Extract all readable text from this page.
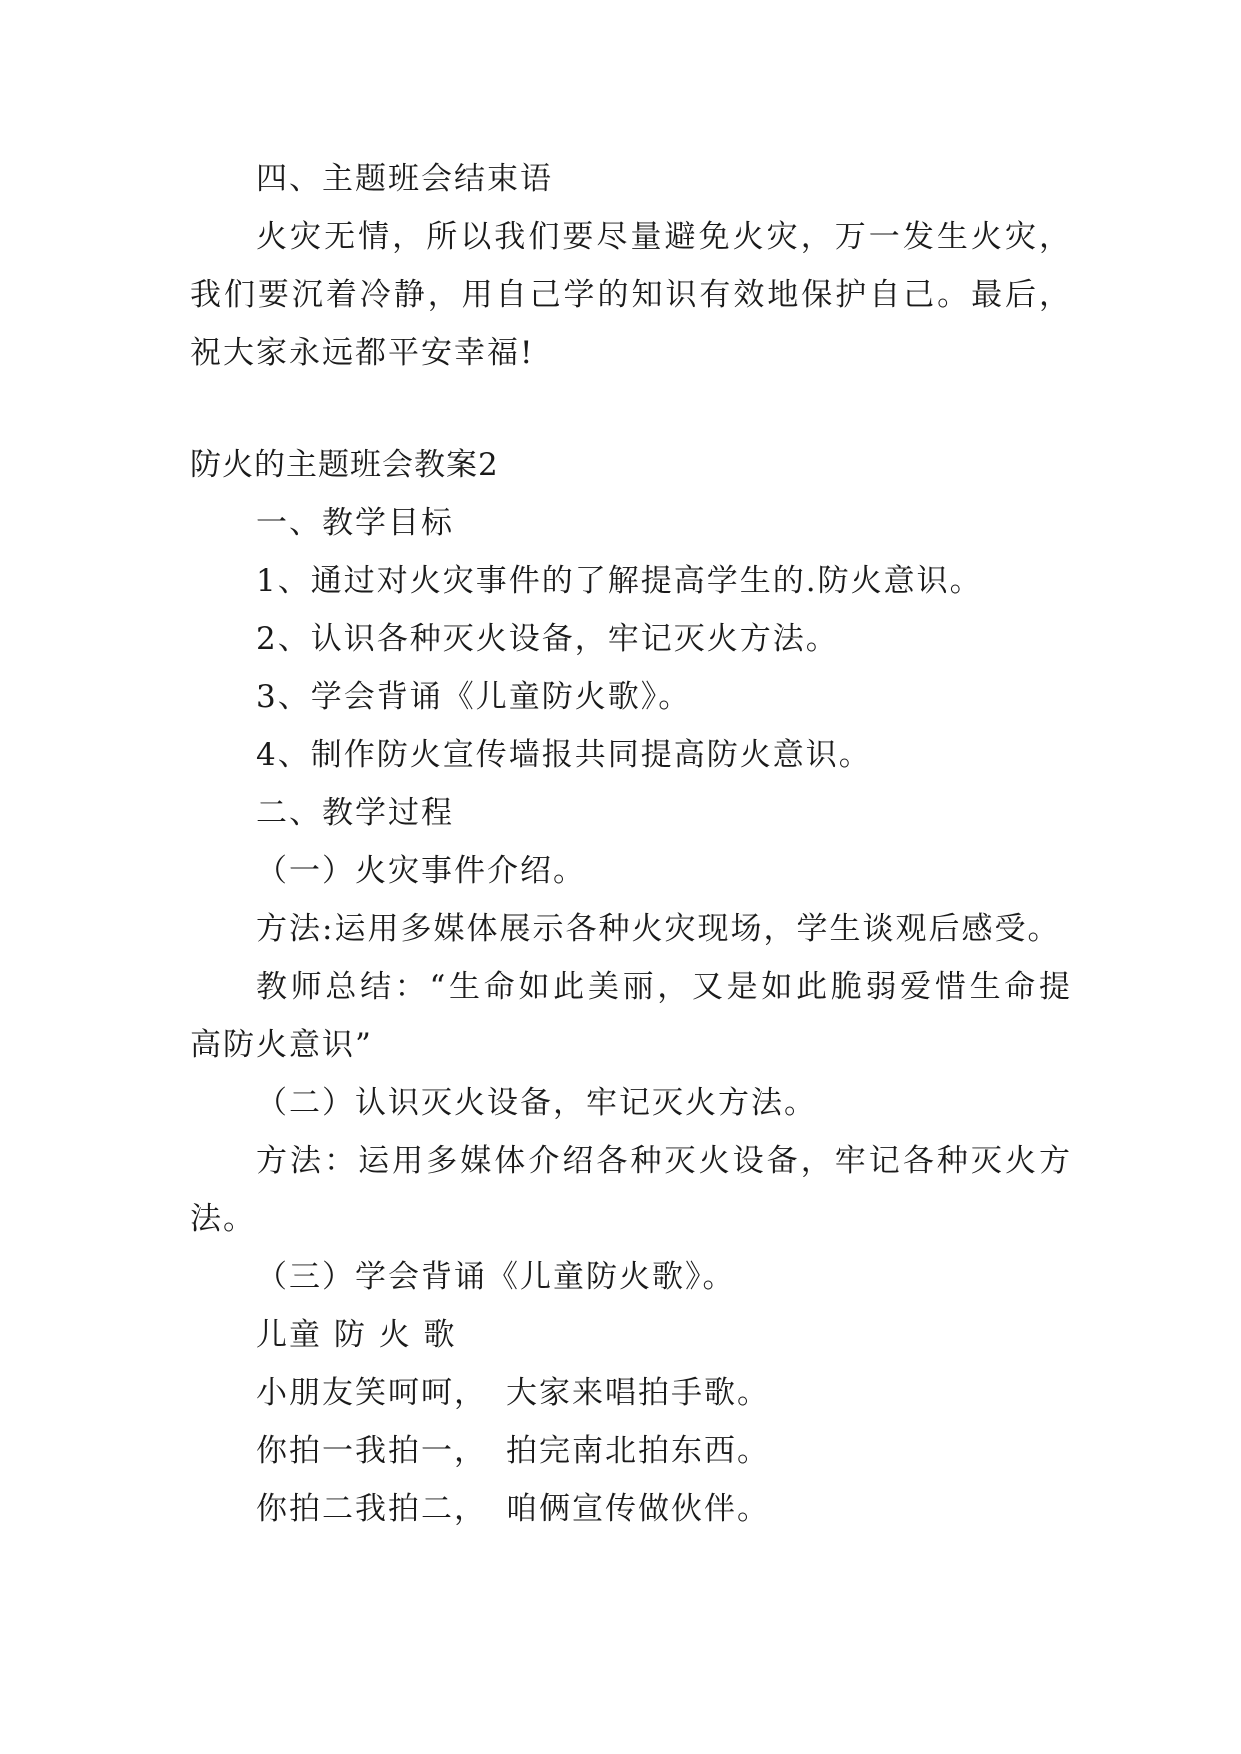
四、主题班会结束语
火灾无情，所以我们要尽量避免火灾，万一发生火灾，
我们要沉着冷静，用自己学的知识有效地保护自己。最后，
祝大家永远都平安幸福!
防火的主题班会教案2
一、教学目标
1、通过对火灾事件的了解提高学生的.防火意识。
2、认识各种灭火设备，牢记灭火方法。
3、学会背诵《儿童防火歌》。
4、制作防火宣传墙报共同提高防火意识。
二、教学过程
（一）火灾事件介绍。
方法:运用多媒体展示各种火灾现场，学生谈观后感受。
教师总结：“生命如此美丽，又是如此脆弱爱惜生命提
高防火意识”
（二）认识灭火设备，牢记灭火方法。
方法：运用多媒体介绍各种灭火设备，牢记各种灭火方
法。
（三）学会背诵《儿童防火歌》。
儿童 防 火 歌
小朋友笑呵呵， 大家来唱拍手歌。
你拍一我拍一， 拍完南北拍东西。
你拍二我拍二， 咱俩宣传做伙伴。
